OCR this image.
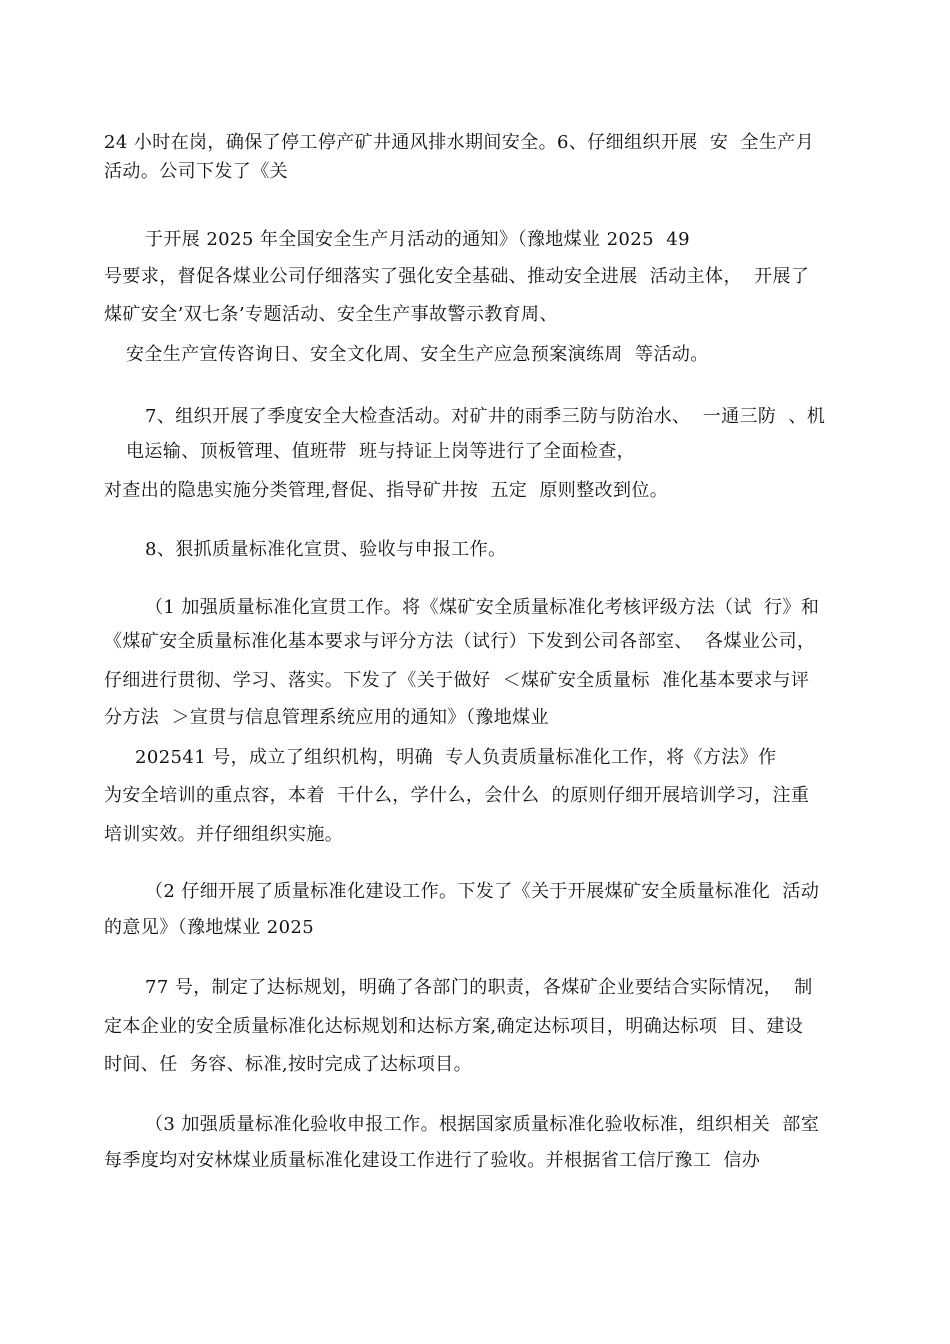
24 小时在岗，确保了停工停产矿井通风排水期间安全。6、仔细组织开展  安  全生产月
活动。公司下发了《关
于开展 2025 年全国安全生产月活动的通知》（豫地煤业 2025  49
号要求，督促各煤业公司仔细落实了强化安全基础、推动安全进展  活动主体，  开展了
煤矿安全’双七条’专题活动、安全生产事故警示教育周、
安全生产宣传咨询日、安全文化周、安全生产应急预案演练周  等活动。
7、组织开展了季度安全大检查活动。对矿井的雨季三防与防治水、  一通三防  、机
电运输、顶板管理、值班带  班与持证上岗等进行了全面检查，
对查出的隐患实施分类管理,督促、指导矿井按  五定  原则整改到位。
8、狠抓质量标准化宣贯、验收与申报工作。
（1 加强质量标准化宣贯工作。将《煤矿安全质量标准化考核评级方法（试  行》和
《煤矿安全质量标准化基本要求与评分方法（试行）下发到公司各部室、  各煤业公司，
仔细进行贯彻、学习、落实。下发了《关于做好  ＜煤矿安全质量标  准化基本要求与评
分方法  ＞宣贯与信息管理系统应用的通知》（豫地煤业
202541 号，成立了组织机构，明确  专人负责质量标准化工作，将《方法》作
为安全培训的重点容，本着  干什么，学什么，会什么  的原则仔细开展培训学习，注重
培训实效。并仔细组织实施。
（2 仔细开展了质量标准化建设工作。下发了《关于开展煤矿安全质量标准化  活动
的意见》（豫地煤业 2025
77 号，制定了达标规划，明确了各部门的职责，各煤矿企业要结合实际情况，  制
定本企业的安全质量标准化达标规划和达标方案,确定达标项目，明确达标项  目、建设
时间、任  务容、标准,按时完成了达标项目。
（3 加强质量标准化验收申报工作。根据国家质量标准化验收标准，组织相关  部室
每季度均对安林煤业质量标准化建设工作进行了验收。并根据省工信厅豫工  信办
